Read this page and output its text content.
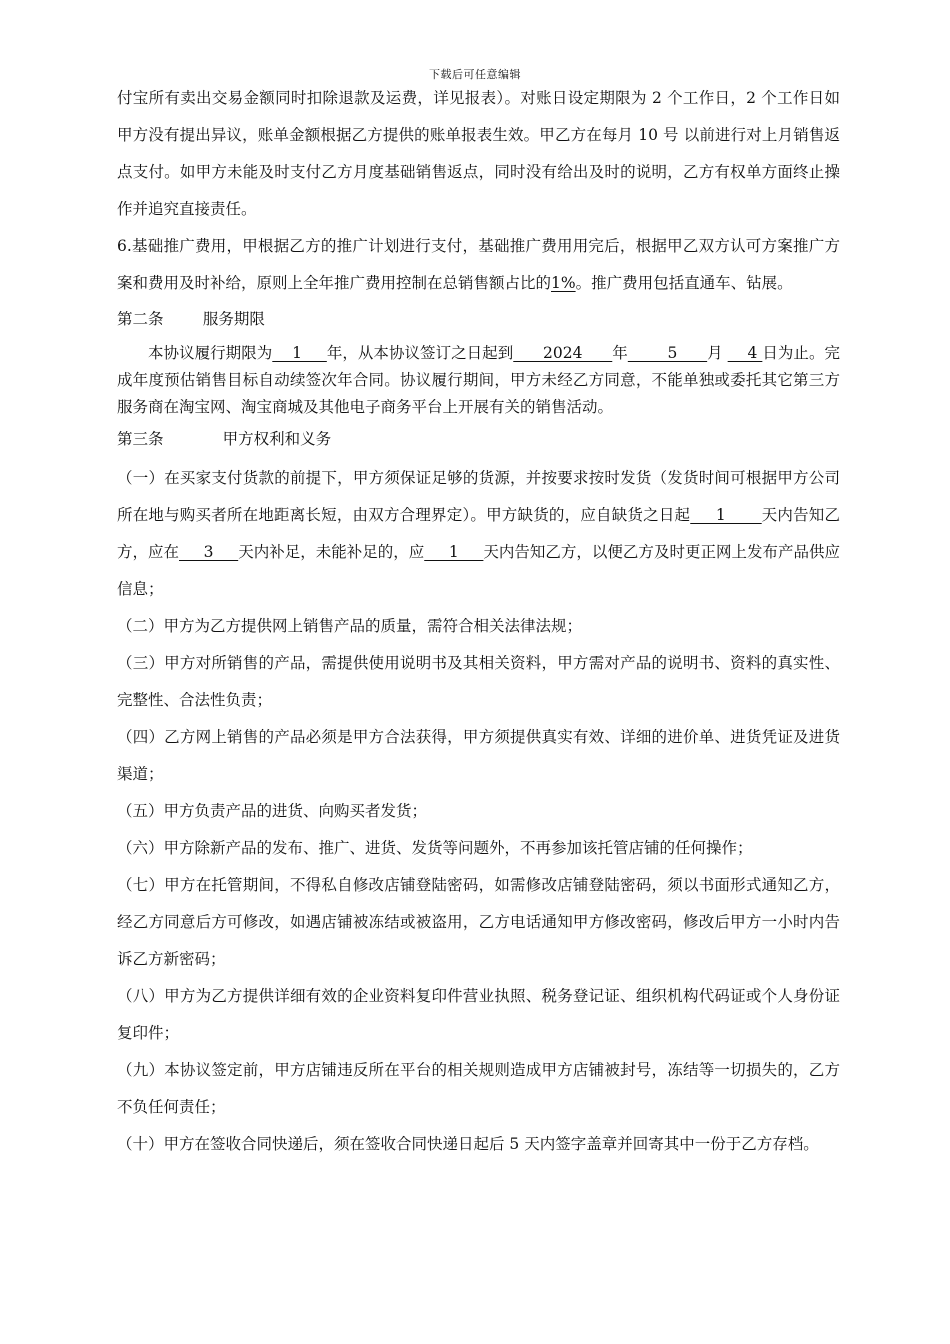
下载后可任意编辑

付宝所有卖出交易金额同时扣除退款及运费，详见报表）。对账日设定期限为 2 个工作日，2 个工作日如甲方没有提出异议，账单金额根据乙方提供的账单报表生效。甲乙方在每月 10 号 以前进行对上月销售返点支付。如甲方未能及时支付乙方月度基础销售返点，同时没有给出及时的说明，乙方有权单方面终止操作并追究直接责任。

6.基础推广费用，甲根据乙方的推广计划进行支付，基础推广费用用完后，根据甲乙双方认可方案推广方案和费用及时补给，原则上全年推广费用控制在总销售额占比的1%。推广费用包括直通车、钻展。

第二条        服务期限

本协议履行期限为    1     年，从本协议签订之日起到      2024      年        5      月     4 日为止。完成年度预估销售目标自动续签次年合同。协议履行期间，甲方未经乙方同意，不能单独或委托其它第三方服务商在淘宝网、淘宝商城及其他电子商务平台上开展有关的销售活动。

第三条            甲方权利和义务

（一）在买家支付货款的前提下，甲方须保证足够的货源，并按要求按时发货（发货时间可根据甲方公司所在地与购买者所在地距离长短，由双方合理界定）。甲方缺货的，应自缺货之日起     1       天内告知乙方，应在     3     天内补足，未能补足的，应     1     天内告知乙方，以便乙方及时更正网上发布产品供应信息；

（二）甲方为乙方提供网上销售产品的质量，需符合相关法律法规；

（三）甲方对所销售的产品，需提供使用说明书及其相关资料，甲方需对产品的说明书、资料的真实性、完整性、合法性负责；

（四）乙方网上销售的产品必须是甲方合法获得，甲方须提供真实有效、详细的进价单、进货凭证及进货渠道；

（五）甲方负责产品的进货、向购买者发货；

（六）甲方除新产品的发布、推广、进货、发货等问题外，不再参加该托管店铺的任何操作；

（七）甲方在托管期间，不得私自修改店铺登陆密码，如需修改店铺登陆密码，须以书面形式通知乙方，经乙方同意后方可修改，如遇店铺被冻结或被盗用，乙方电话通知甲方修改密码，修改后甲方一小时内告诉乙方新密码；

（八）甲方为乙方提供详细有效的企业资料复印件营业执照、税务登记证、组织机构代码证或个人身份证复印件；

（九）本协议签定前，甲方店铺违反所在平台的相关规则造成甲方店铺被封号，冻结等一切损失的，乙方不负任何责任；

（十）甲方在签收合同快递后，须在签收合同快递日起后 5 天内签字盖章并回寄其中一份于乙方存档。
